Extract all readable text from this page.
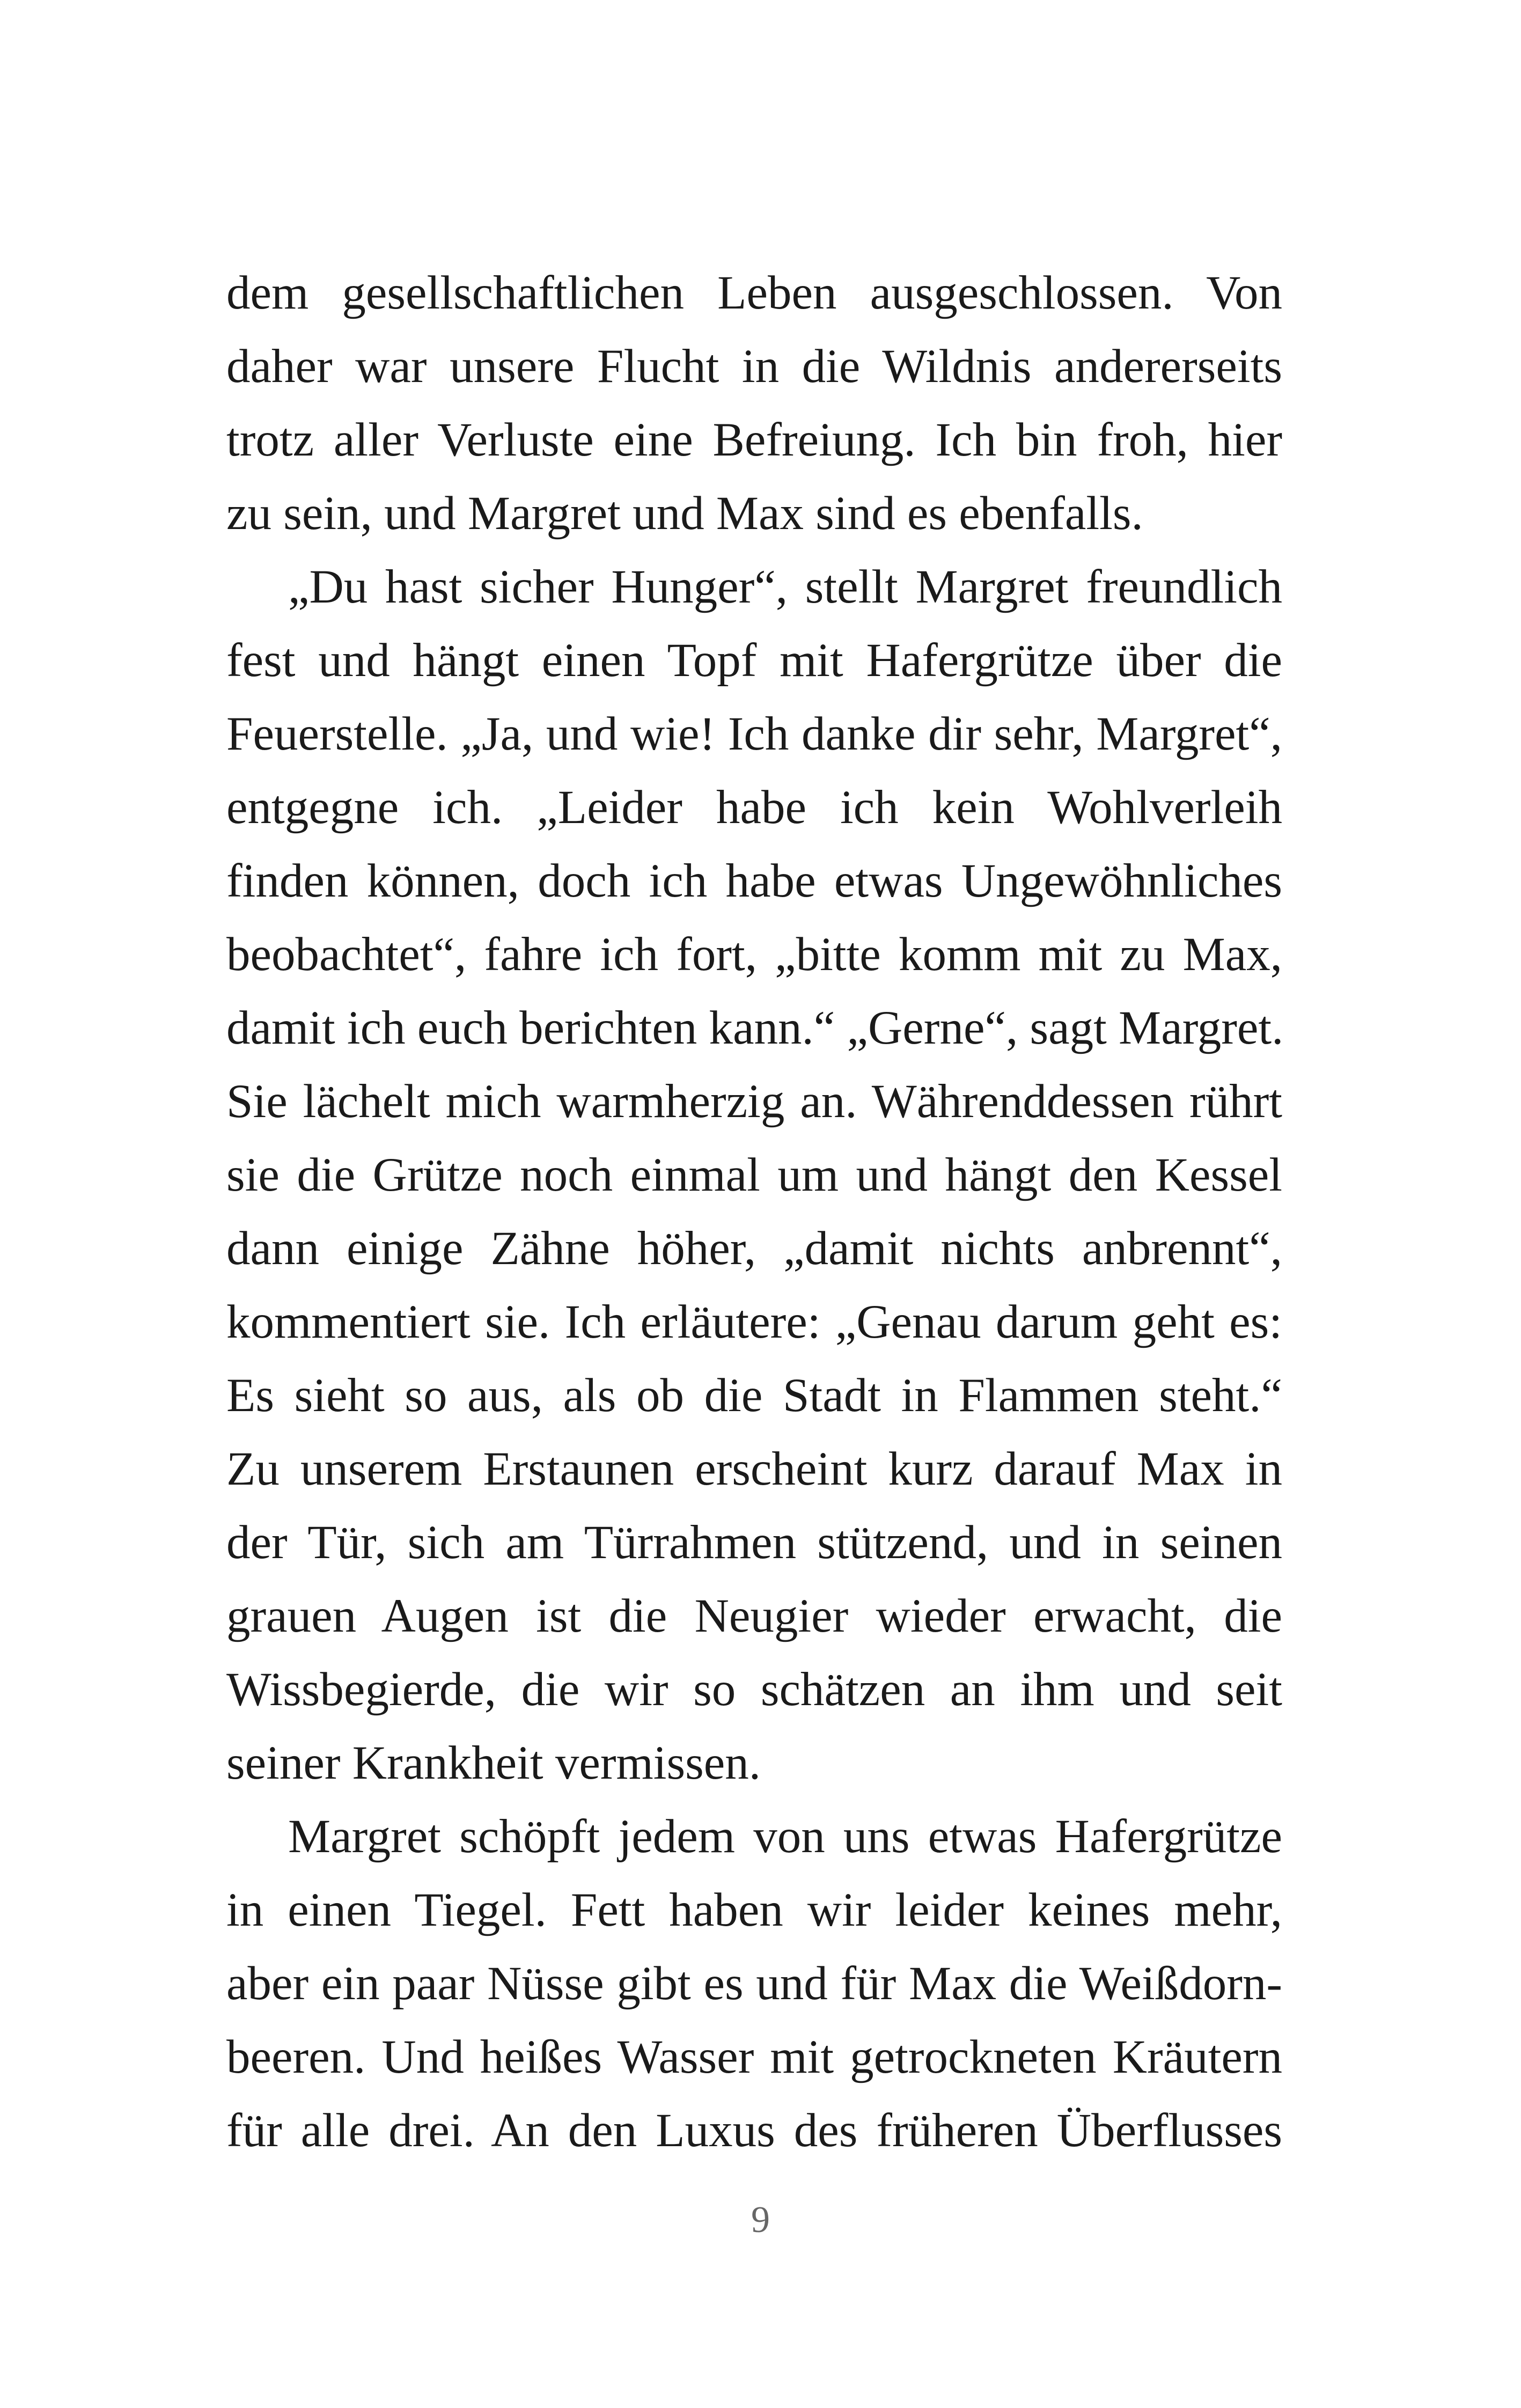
dem gesellschaftlichen Leben ausgeschlossen. Von
daher war unsere Flucht in die Wildnis andererseits
trotz aller Verluste eine Befreiung. Ich bin froh, hier
zu sein, und Margret und Max sind es ebenfalls.
„Du hast sicher Hunger“, stellt Margret freundlich
fest und hängt einen Topf mit Hafergrütze über die
Feuerstelle. „Ja, und wie! Ich danke dir sehr, Margret“,
entgegne ich. „Leider habe ich kein Wohlverleih
finden können, doch ich habe etwas Ungewöhnliches
beobachtet“, fahre ich fort, „bitte komm mit zu Max,
damit ich euch berichten kann.“ „Gerne“, sagt Margret.
Sie lächelt mich warmherzig an. Währenddessen rührt
sie die Grütze noch einmal um und hängt den Kessel
dann einige Zähne höher, „damit nichts anbrennt“,
kommentiert sie. Ich erläutere: „Genau darum geht es:
Es sieht so aus, als ob die Stadt in Flammen steht.“
Zu unserem Erstaunen erscheint kurz darauf Max in
der Tür, sich am Türrahmen stützend, und in seinen
grauen Augen ist die Neugier wieder erwacht, die
Wissbegierde, die wir so schätzen an ihm und seit
seiner Krankheit vermissen.
Margret schöpft jedem von uns etwas Hafergrütze
in einen Tiegel. Fett haben wir leider keines mehr,
aber ein paar Nüsse gibt es und für Max die Weißdorn-
beeren. Und heißes Wasser mit getrockneten Kräutern
für alle drei. An den Luxus des früheren Überflusses
9
